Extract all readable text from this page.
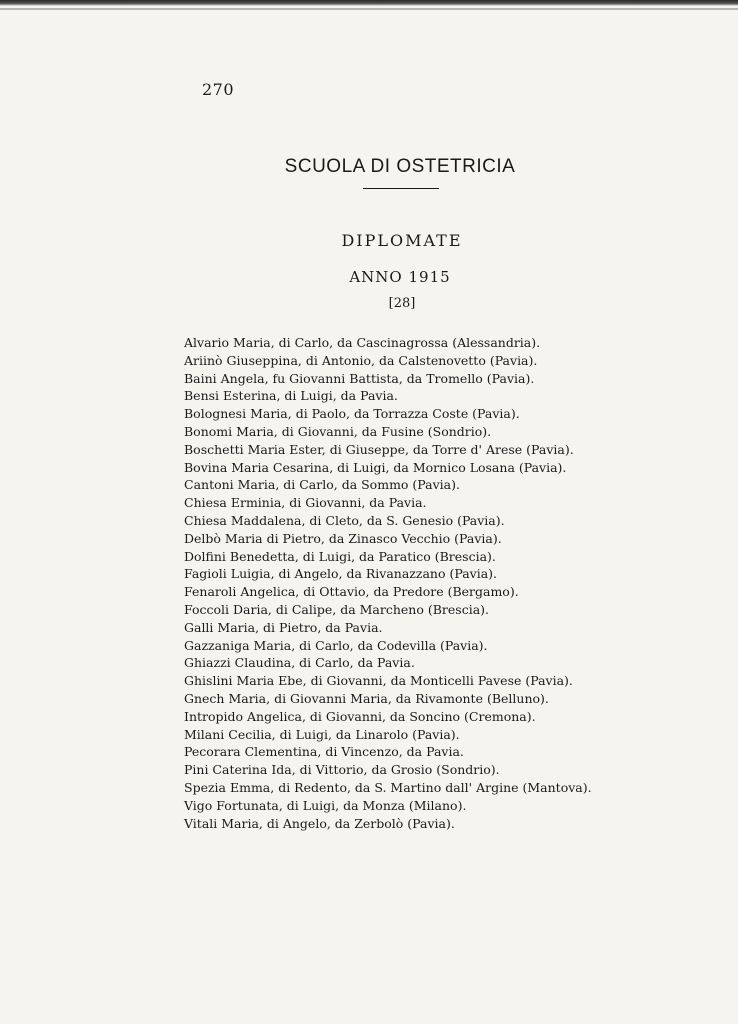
270
SCUOLA DI OSTETRICIA
DIPLOMATE
ANNO 1915
[28]
Alvario Maria, di Carlo, da Cascinagrossa (Alessandria).
Ariinò Giuseppina, di Antonio, da Calstenovetto (Pavia).
Baini Angela, fu Giovanni Battista, da Tromello (Pavia).
Bensi Esterina, di Luigi, da Pavia.
Bolognesi Maria, di Paolo, da Torrazza Coste (Pavia).
Bonomi Maria, di Giovanni, da Fusine (Sondrio).
Boschetti Maria Ester, di Giuseppe, da Torre d' Arese (Pavia).
Bovina Maria Cesarina, di Luigi, da Mornico Losana (Pavia).
Cantoni Maria, di Carlo, da Sommo (Pavia).
Chiesa Erminia, di Giovanni, da Pavia.
Chiesa Maddalena, di Cleto, da S. Genesio (Pavia).
Delbò Maria di Pietro, da Zinasco Vecchio (Pavia).
Dolfini Benedetta, di Luigi, da Paratico (Brescia).
Fagioli Luigia, di Angelo, da Rivanazzano (Pavia).
Fenaroli Angelica, di Ottavio, da Predore (Bergamo).
Foccoli Daria, di Calipe, da Marcheno (Brescia).
Galli Maria, di Pietro, da Pavia.
Gazzaniga Maria, di Carlo, da Codevilla (Pavia).
Ghiazzi Claudina, di Carlo, da Pavia.
Ghislini Maria Ebe, di Giovanni, da Monticelli Pavese (Pavia).
Gnech Maria, di Giovanni Maria, da Rivamonte (Belluno).
Intropido Angelica, di Giovanni, da Soncino (Cremona).
Milani Cecilia, di Luigi, da Linarolo (Pavia).
Pecorara Clementina, di Vincenzo, da Pavia.
Pini Caterina Ida, di Vittorio, da Grosio (Sondrio).
Spezia Emma, di Redento, da S. Martino dall' Argine (Mantova).
Vigo Fortunata, di Luigi, da Monza (Milano).
Vitali Maria, di Angelo, da Zerbolò (Pavia).
